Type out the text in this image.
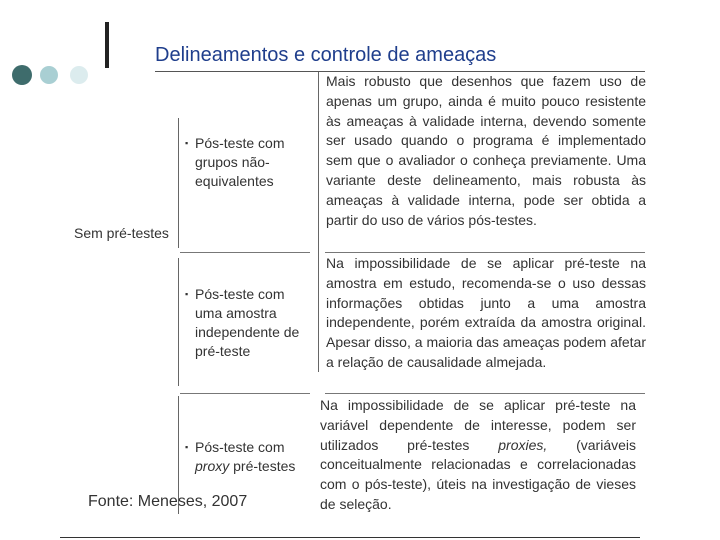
Delineamentos e controle de ameaças
Sem pré-testes
▪ Pós-teste com grupos não-equivalentes
Mais robusto que desenhos que fazem uso de apenas um grupo, ainda é muito pouco resistente às ameaças à validade interna, devendo somente ser usado quando o programa é implementado sem que o avaliador o conheça previamente. Uma variante deste delineamento, mais robusta às ameaças à validade interna, pode ser obtida a partir do uso de vários pós-testes.
▪ Pós-teste com uma amostra independente de pré-teste
Na impossibilidade de se aplicar pré-teste na amostra em estudo, recomenda-se o uso dessas informações obtidas junto a uma amostra independente, porém extraída da amostra original. Apesar disso, a maioria das ameaças podem afetar a relação de causalidade almejada.
▪ Pós-teste com proxy pré-testes
Na impossibilidade de se aplicar pré-teste na variável dependente de interesse, podem ser utilizados pré-testes proxies, (variáveis conceitualmente relacionadas e correlacionadas com o pós-teste), úteis na investigação de vieses de seleção.
Fonte: Meneses, 2007
